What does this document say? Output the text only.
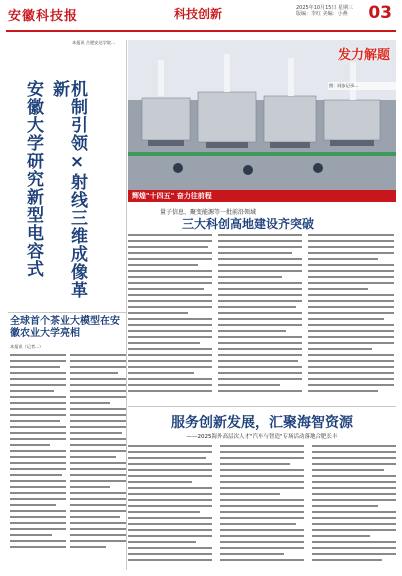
安徽科技报	科技创新	2025年10月15日 星期三
版编：李红 美编：小燕	03
机制引领×射线三维成像革新
安徽大学研究新型电容式
本报讯 合肥安达学院...
发力解题
图：同步记录...
辉煌"十四五" 奋力往前程
量子信息、聚变能源等一批前沿领域
三大科创高地建设齐突破
全球首个茶业大模型在安徽农业大学亮相
本报讯（记者...）
服务创新发展，汇聚海智资源
——2025海外高层次人才"汽车与智造"专场活动落地合肥长丰
